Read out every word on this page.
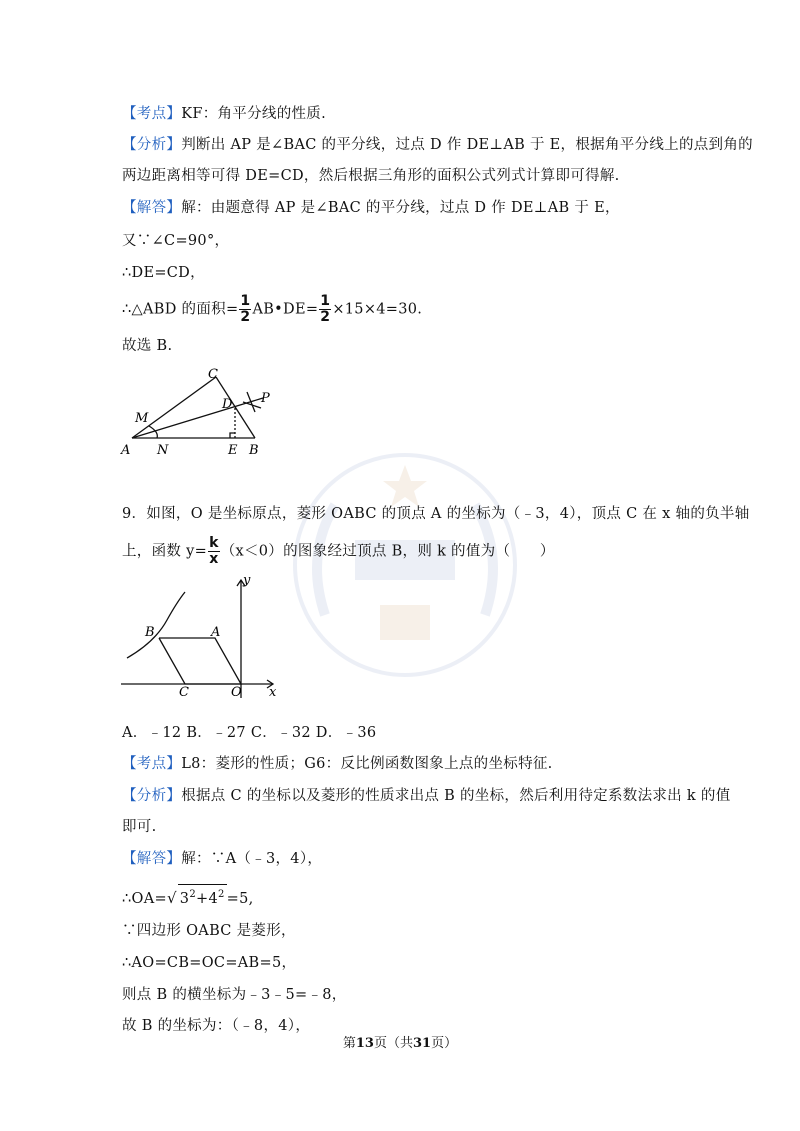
【考点】KF：角平分线的性质.
【分析】判断出 AP 是∠BAC 的平分线，过点 D 作 DE⊥AB 于 E，根据角平分线上的点到角的
两边距离相等可得 DE=CD，然后根据三角形的面积公式列式计算即可得解.
【解答】解：由题意得 AP 是∠BAC 的平分线，过点 D 作 DE⊥AB 于 E，
又∵∠C=90°，
∴DE=CD，
∴△ABD 的面积= $\frac{1}{2}$ AB•DE= $\frac{1}{2} \times 15\times 4=30$.
故选 B.
A N	E B
C
D
M
P
9．如图，O 是坐标原点，菱形 OABC 的顶点 A 的坐标为（﹣3，4），顶点 C 在 x 轴的负半轴
上，函数 $y= \frac{k}{x} (x<0)$的图象经过顶点 B，则 k 的值为（　　）
y
x
B	A
C	O
A．﹣12 B．﹣27 C．﹣32 D．﹣36
【考点】L8：菱形的性质；G6：反比例函数图象上点的坐标特征.
【分析】根据点 C 的坐标以及菱形的性质求出点 B 的坐标，然后利用待定系数法求出 k 的值
即可.
【解答】解：∵A（﹣3，4），
∴OA=√ $3^2+4^2 =5$,
∵四边形 OABC 是菱形，
∴AO=CB=OC=AB=5，
则点 B 的横坐标为﹣3﹣5=﹣8，
故 B 的坐标为：（﹣8，4），
第13页（共31页）
